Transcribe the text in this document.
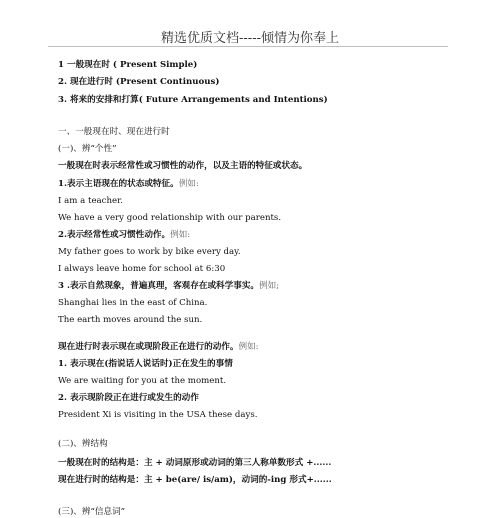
精选优质文档-----倾情为你奉上
1 一般现在时 ( Present Simple)
2. 现在进行时 (Present Continuous)
3. 将来的安排和打算( Future Arrangements and Intentions)
一、一般现在时、现在进行时
(一)、辨“个性”
一般现在时表示经常性或习惯性的动作，以及主语的特征或状态。
1.表示主语现在的状态或特征。例如:
I am a teacher.
We have a very good relationship with our parents.
2.表示经常性或习惯性动作。例如:
My father goes to work by bike every day.
I always leave home for school at 6:30
3 .表示自然现象，普遍真理，客观存在或科学事实。例如;
Shanghai lies in the east of China.
The earth moves around the sun.
现在进行时表示现在或现阶段正在进行的动作。例如:
1. 表示现在(指说话人说话时)正在发生的事情
We are waiting for you at the moment.
2. 表示现阶段正在进行或发生的动作
President Xi is visiting in the USA these days.
(二)、辨结构
一般现在时的结构是：主 + 动词原形或动词的第三人称单数形式 +......
现在进行时的结构是：主 + be(are/ is/am)，动词的-ing 形式+......
(三)、辨“信息词”
